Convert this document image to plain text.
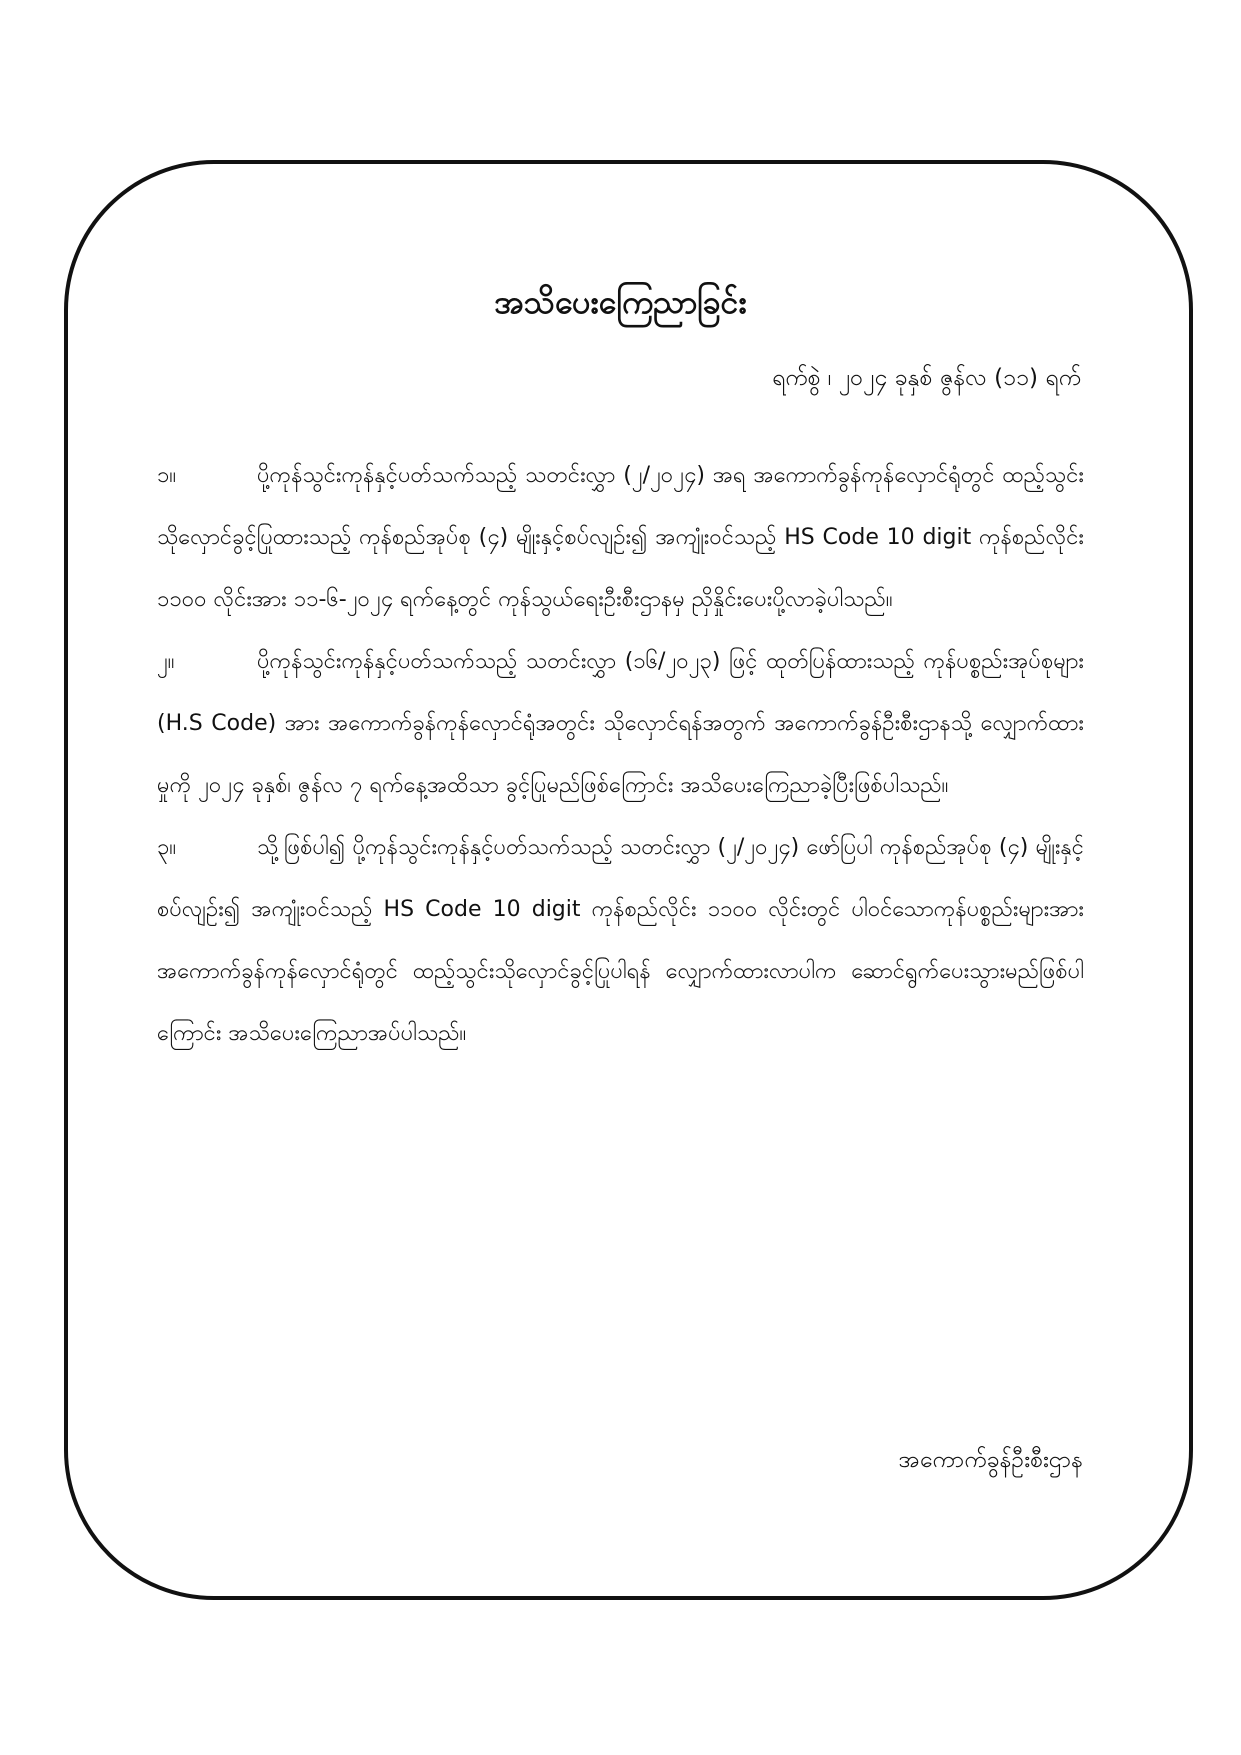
အသိပေးကြေညာခြင်း
ရက်စွဲ ၊ ၂၀၂၄ ခုနှစ် ဇွန်လ (၁၁) ရက်

၁။	ပို့ကုန်သွင်းကုန်နှင့်ပတ်သက်သည့် သတင်းလွှာ (၂/၂၀၂၄) အရ အကောက်ခွန်ကုန်လှောင်ရုံတွင် ထည့်သွင်းသိုလှောင်ခွင့်ပြုထားသည့် ကုန်စည်အုပ်စု (၄) မျိုးနှင့်စပ်လျဉ်း၍ အကျုံးဝင်သည့် HS Code 10 digit ကုန်စည်လိုင်း ၁၁၀၀ လိုင်းအား ၁၁-၆-၂၀၂၄ ရက်နေ့တွင် ကုန်သွယ်ရေးဦးစီးဌာနမှ ညှိနှိုင်းပေးပို့လာခဲ့ပါသည်။

၂။	ပို့ကုန်သွင်းကုန်နှင့်ပတ်သက်သည့် သတင်းလွှာ (၁၆/၂၀၂၃) ဖြင့် ထုတ်ပြန်ထားသည့် ကုန်ပစ္စည်းအုပ်စုများ (H.S Code) အား အကောက်ခွန်ကုန်လှောင်ရုံအတွင်း သိုလှောင်ရန်အတွက် အကောက်ခွန်ဦးစီးဌာနသို့ လျှောက်ထားမှုကို ၂၀၂၄ ခုနှစ်၊ ဇွန်လ ၇ ရက်နေ့အထိသာ ခွင့်ပြုမည်ဖြစ်ကြောင်း အသိပေးကြေညာခဲ့ပြီးဖြစ်ပါသည်။

၃။	သို့ဖြစ်ပါ၍ ပို့ကုန်သွင်းကုန်နှင့်ပတ်သက်သည့် သတင်းလွှာ (၂/၂၀၂၄) ဖော်ပြပါ ကုန်စည်အုပ်စု (၄) မျိုးနှင့်စပ်လျဉ်း၍ အကျုံးဝင်သည့် HS Code 10 digit ကုန်စည်လိုင်း ၁၁၀၀ လိုင်းတွင် ပါဝင်သောကုန်ပစ္စည်းများအား အကောက်ခွန်ကုန်လှောင်ရုံတွင် ထည့်သွင်းသိုလှောင်ခွင့်ပြုပါရန် လျှောက်ထားလာပါက ဆောင်ရွက်ပေးသွားမည်ဖြစ်ပါကြောင်း အသိပေးကြေညာအပ်ပါသည်။

အကောက်ခွန်ဦးစီးဌာန
